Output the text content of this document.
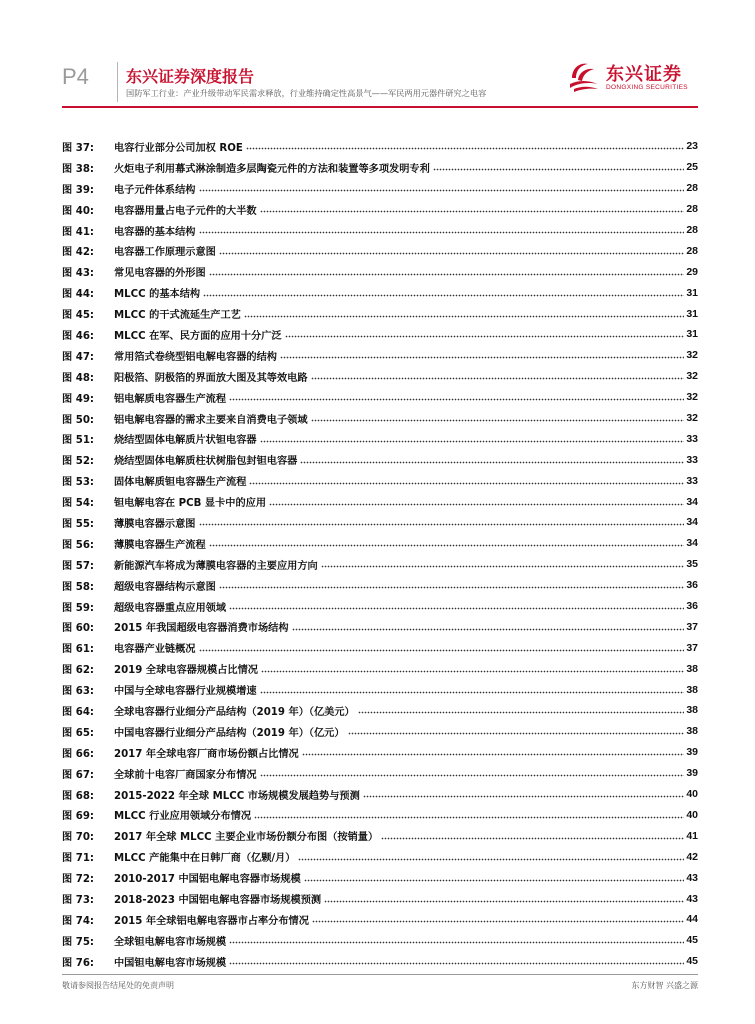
P4 东兴证券深度报告
国防军工行业：产业升级带动军民需求释放，行业维持确定性高景气——军民两用元器件研究之电容
东兴证券
DONGXING SECURITIES
图 37:	电容行业部分公司加权 ROE	23
图 38:	火炬电子利用幕式淋涂制造多层陶瓷元件的方法和装置等多项发明专利	25
图 39:	电子元件体系结构	28
图 40:	电容器用量占电子元件的大半数	28
图 41:	电容器的基本结构	28
图 42:	电容器工作原理示意图	28
图 43:	常见电容器的外形图	29
图 44:	MLCC 的基本结构	31
图 45:	MLCC 的干式流延生产工艺	31
图 46:	MLCC 在军、民方面的应用十分广泛	31
图 47:	常用箔式卷绕型铝电解电容器的结构	32
图 48:	阳极箔、阴极箔的界面放大图及其等效电路	32
图 49:	铝电解质电容器生产流程	32
图 50:	铝电解电容器的需求主要来自消费电子领域	32
图 51:	烧结型固体电解质片状钽电容器	33
图 52:	烧结型固体电解质柱状树脂包封钽电容器	33
图 53:	固体电解质钽电容器生产流程	33
图 54:	钽电解电容在 PCB 显卡中的应用	34
图 55:	薄膜电容器示意图	34
图 56:	薄膜电容器生产流程	34
图 57:	新能源汽车将成为薄膜电容器的主要应用方向	35
图 58:	超级电容器结构示意图	36
图 59:	超级电容器重点应用领域	36
图 60:	2015 年我国超级电容器消费市场结构	37
图 61:	电容器产业链概况	37
图 62:	2019 全球电容器规模占比情况	38
图 63:	中国与全球电容器行业规模增速	38
图 64:	全球电容器行业细分产品结构（2019 年）（亿美元）	38
图 65:	中国电容器行业细分产品结构（2019 年）（亿元）	38
图 66:	2017 年全球电容厂商市场份额占比情况	39
图 67:	全球前十电容厂商国家分布情况	39
图 68:	2015-2022 年全球 MLCC 市场规模发展趋势与预测	40
图 69:	MLCC 行业应用领域分布情况	40
图 70:	2017 年全球 MLCC 主要企业市场份额分布图（按销量）	41
图 71:	MLCC 产能集中在日韩厂商（亿颗/月）	42
图 72:	2010-2017 中国铝电解电容器市场规模	43
图 73:	2018-2023 中国铝电解电容器市场规模预测	43
图 74:	2015 年全球铝电解电容器市占率分布情况	44
图 75:	全球钽电解电容市场规模	45
图 76:	中国钽电解电容市场规模	45
敬请参阅报告结尾处的免责声明	东方财智 兴盛之源
